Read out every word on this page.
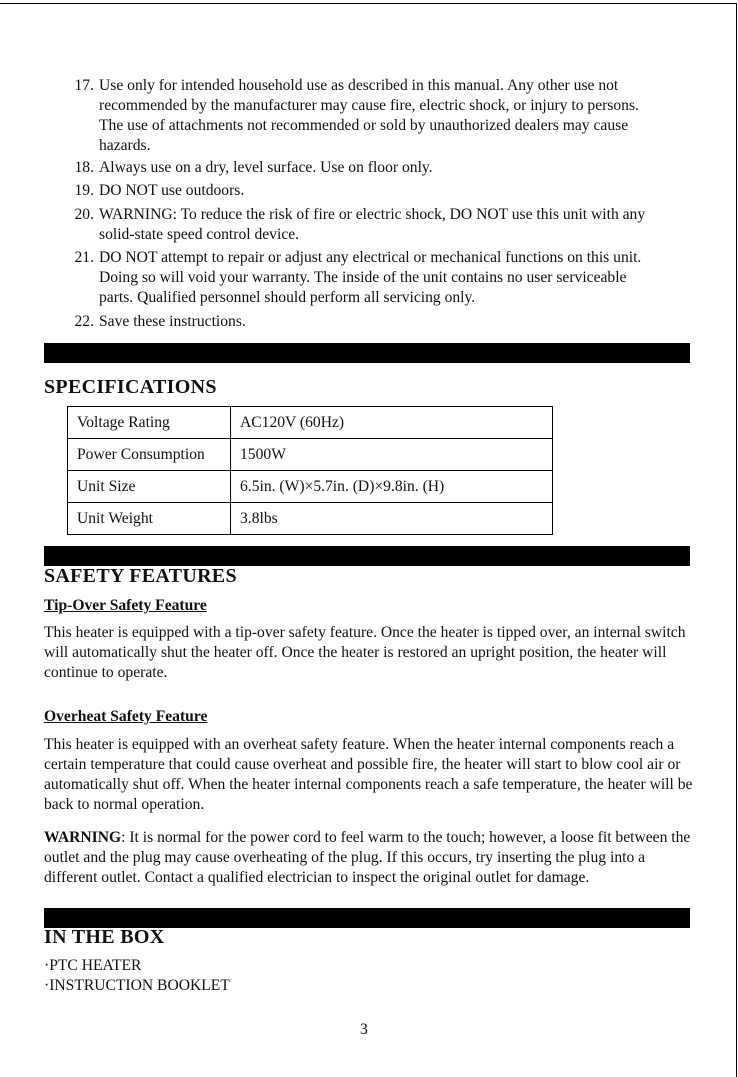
17. Use only for intended household use as described in this manual. Any other use not
recommended by the manufacturer may cause fire, electric shock, or injury to persons.
The use of attachments not recommended or sold by unauthorized dealers may cause
hazards.
18. Always use on a dry, level surface. Use on floor only.
19. DO NOT use outdoors.
20. WARNING: To reduce the risk of fire or electric shock, DO NOT use this unit with any
solid-state speed control device.
21. DO NOT attempt to repair or adjust any electrical or mechanical functions on this unit.
Doing so will void your warranty. The inside of the unit contains no user serviceable
parts. Qualified personnel should perform all servicing only.
22. Save these instructions.
SPECIFICATIONS
Voltage Rating	AC120V (60Hz)
Power Consumption	1500W
Unit Size	6.5in. (W)×5.7in. (D)×9.8in. (H)
Unit Weight	3.8lbs
SAFETY FEATURES
Tip-Over Safety Feature
This heater is equipped with a tip-over safety feature. Once the heater is tipped over, an internal switch will automatically shut the heater off. Once the heater is restored an upright position, the heater will continue to operate.
Overheat Safety Feature
This heater is equipped with an overheat safety feature. When the heater internal components reach a certain temperature that could cause overheat and possible fire, the heater will start to blow cool air or automatically shut off. When the heater internal components reach a safe temperature, the heater will be back to normal operation.
WARNING: It is normal for the power cord to feel warm to the touch; however, a loose fit between the outlet and the plug may cause overheating of the plug. If this occurs, try inserting the plug into a different outlet. Contact a qualified electrician to inspect the original outlet for damage.
IN THE BOX
·PTC HEATER
·INSTRUCTION BOOKLET
3
